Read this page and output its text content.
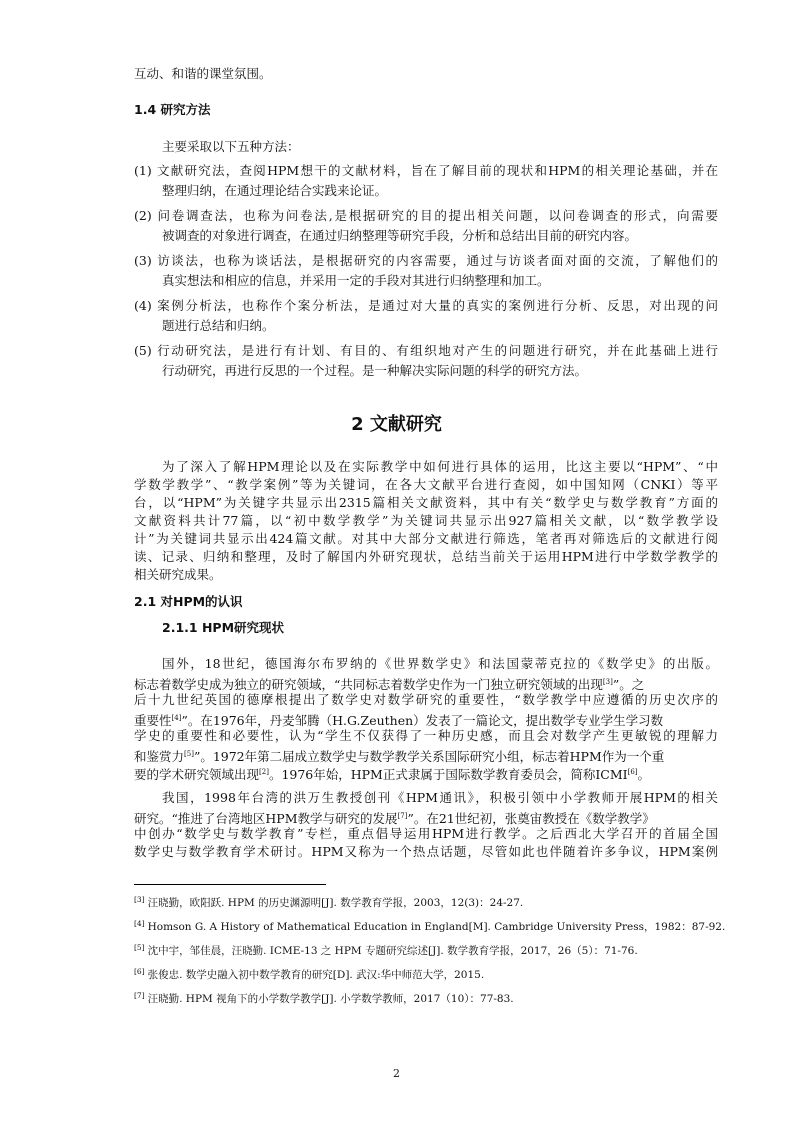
互动、和谐的课堂氛围。
1.4 研究方法
主要采取以下五种方法：
(1) 文献研究法，查阅HPM想干的文献材料，旨在了解目前的现状和HPM的相关理论基础，并在
整理归纳，在通过理论结合实践来论证。
(2) 问卷调查法，也称为问卷法,是根据研究的目的提出相关问题，以问卷调查的形式，向需要
被调查的对象进行调查，在通过归纳整理等研究手段，分析和总结出目前的研究内容。
(3) 访谈法，也称为谈话法，是根据研究的内容需要，通过与访谈者面对面的交流，了解他们的
真实想法和相应的信息，并采用一定的手段对其进行归纳整理和加工。
(4) 案例分析法，也称作个案分析法，是通过对大量的真实的案例进行分析、反思，对出现的问
题进行总结和归纳。
(5) 行动研究法，是进行有计划、有目的、有组织地对产生的问题进行研究，并在此基础上进行
行动研究，再进行反思的一个过程。是一种解决实际问题的科学的研究方法。
2 文献研究
为了深入了解HPM理论以及在实际教学中如何进行具体的运用，比这主要以“HPM”、“中
学数学教学”、“教学案例”等为关键词，在各大文献平台进行查阅，如中国知网（CNKI）等平
台，以“HPM”为关键字共显示出2315篇相关文献资料，其中有关“数学史与数学教育”方面的
文献资料共计77篇，以“初中数学教学”为关键词共显示出927篇相关文献，以“数学教学设
计”为关键词共显示出424篇文献。对其中大部分文献进行筛选，笔者再对筛选后的文献进行阅
读、记录、归纳和整理，及时了解国内外研究现状，总结当前关于运用HPM进行中学数学教学的
相关研究成果。
2.1 对HPM的认识
2.1.1 HPM研究现状
国外，18世纪，德国海尔布罗纳的《世界数学史》和法国蒙蒂克拉的《数学史》的出版。
标志着数学史成为独立的研究领域，“共同标志着数学史作为一门独立研究领域的出现[3]”。之
后十九世纪英国的德摩根提出了数学史对数学研究的重要性，“数学教学中应遵循的历史次序的
重要性[4]”。在1976年，丹麦邹腾（H.G.Zeuthen）发表了一篇论文，提出数学专业学生学习数
学史的重要性和必要性，认为“学生不仅获得了一种历史感，而且会对数学产生更敏锐的理解力
和鉴赏力[5]”。1972年第二届成立数学史与数学教学关系国际研究小组，标志着HPM作为一个重
要的学术研究领域出现[2]。1976年始，HPM正式隶属于国际数学教育委员会，简称ICMI[6]。
我国，1998年台湾的洪万生教授创刊《HPM通讯》，积极引领中小学教师开展HPM的相关
研究。“推进了台湾地区HPM教学与研究的发展[7]”。在21世纪初，张奠宙教授在《数学教学》
中创办“数学史与数学教育”专栏，重点倡导运用HPM进行教学。之后西北大学召开的首届全国
数学史与数学教育学术研讨。HPM又称为一个热点话题，尽管如此也伴随着许多争议，HPM案例
[3] 汪晓勤，欧阳跃. HPM 的历史渊源明[J]. 数学教育学报，2003，12(3)：24-27.
[4] Homson G. A History of Mathematical Education in England[M]. Cambridge University Press，1982：87-92.
[5] 沈中宇，邹佳晨，汪晓勤. ICME-13 之 HPM 专题研究综述[J]. 数学教育学报，2017，26（5）：71-76.
[6] 张俊忠. 数学史融入初中数学教育的研究[D]. 武汉:华中师范大学，2015.
[7] 汪晓勤. HPM 视角下的小学数学教学[J]. 小学数学教师，2017（10）：77-83.
2
